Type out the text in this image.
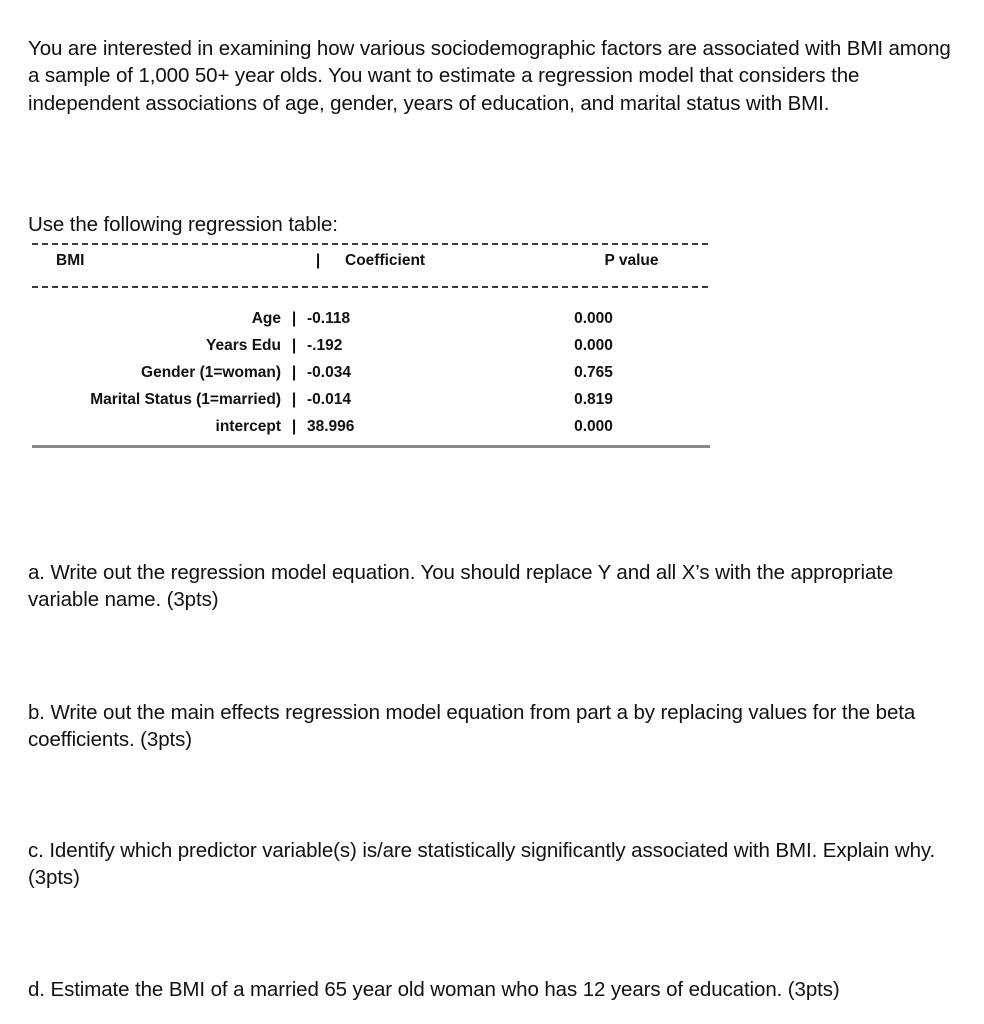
You are interested in examining how various sociodemographic factors are associated with BMI among a sample of 1,000 50+ year olds. You want to estimate a regression model that considers the independent associations of age, gender, years of education, and marital status with BMI.

Use the following regression table:

BMI	|	Coefficient	P value
Age	|	-0.118	0.000
Years Edu	|	-.192	0.000
Gender (1=woman)	|	-0.034	0.765
Marital Status (1=married)	|	-0.014	0.819
intercept	|	38.996	0.000

a. Write out the regression model equation. You should replace Y and all X’s with the appropriate variable name. (3pts)

b. Write out the main effects regression model equation from part a by replacing values for the beta coefficients. (3pts)

c. Identify which predictor variable(s) is/are statistically significantly associated with BMI. Explain why. (3pts)

d. Estimate the BMI of a married 65 year old woman who has 12 years of education. (3pts)
